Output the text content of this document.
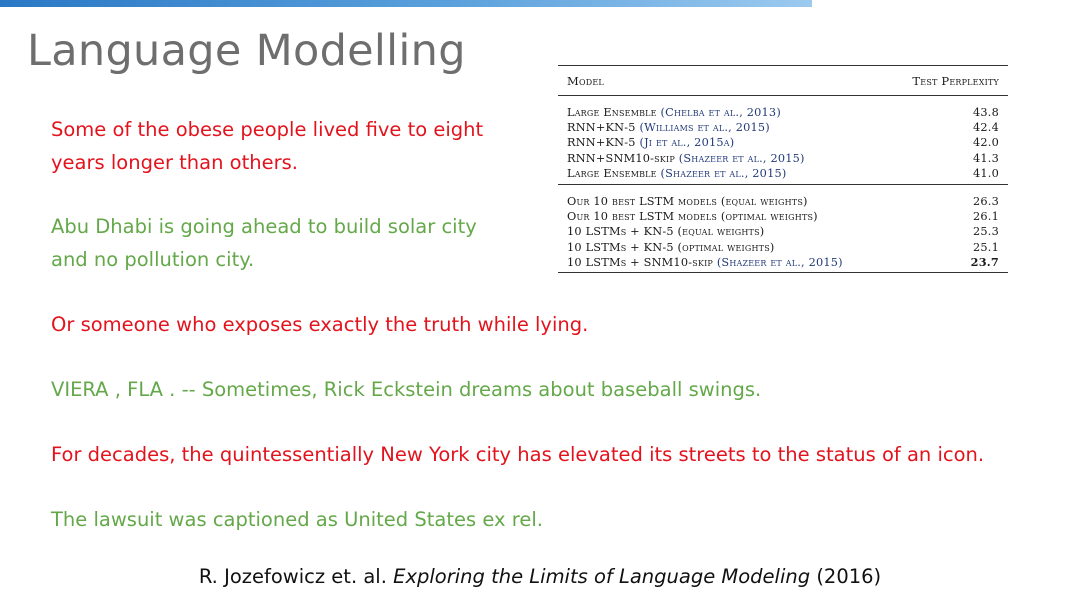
Language Modelling
Some of the obese people lived five to eight years longer than others.
Abu Dhabi is going ahead to build solar city and no pollution city.
Or someone who exposes exactly the truth while lying.
VIERA , FLA . -- Sometimes, Rick Eckstein dreams about baseball swings.
For decades, the quintessentially New York city has elevated its streets to the status of an icon.
The lawsuit was captioned as United States ex rel.
Model	Test Perplexity
Large Ensemble (Chelba et al., 2013)	43.8
RNN+KN-5 (Williams et al., 2015)	42.4
RNN+KN-5 (Ji et al., 2015a)	42.0
RNN+SNM10-skip (Shazeer et al., 2015)	41.3
Large Ensemble (Shazeer et al., 2015)	41.0
Our 10 best LSTM models (equal weights)	26.3
Our 10 best LSTM models (optimal weights)	26.1
10 LSTMs + KN-5 (equal weights)	25.3
10 LSTMs + KN-5 (optimal weights)	25.1
10 LSTMs + SNM10-skip (Shazeer et al., 2015)	23.7
R. Jozefowicz et. al. Exploring the Limits of Language Modeling (2016)
